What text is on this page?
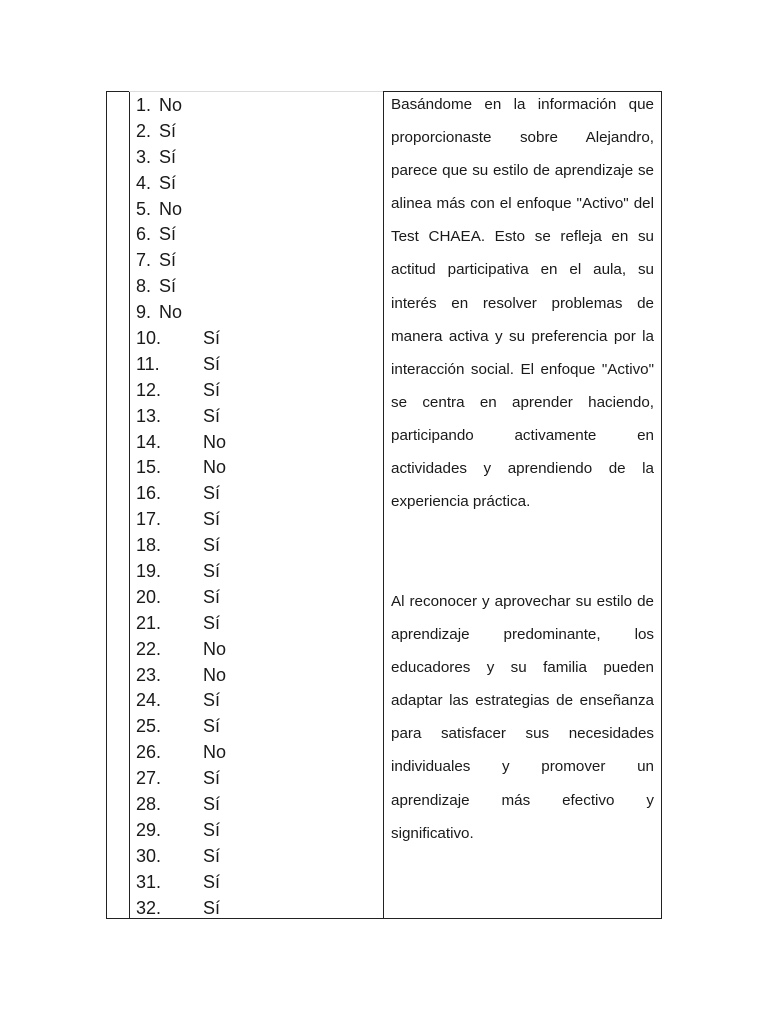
1. No
2. Sí
3. Sí
4. Sí
5. No
6. Sí
7. Sí
8. Sí
9. No
10. Sí
11. Sí
12. Sí
13. Sí
14. No
15. No
16. Sí
17. Sí
18. Sí
19. Sí
20. Sí
21. Sí
22. No
23. No
24. Sí
25. Sí
26. No
27. Sí
28. Sí
29. Sí
30. Sí
31. Sí
32. Sí
Basándome en la información que proporcionaste sobre Alejandro, parece que su estilo de aprendizaje se alinea más con el enfoque "Activo" del Test CHAEA. Esto se refleja en su actitud participativa en el aula, su interés en resolver problemas de manera activa y su preferencia por la interacción social. El enfoque "Activo" se centra en aprender haciendo, participando activamente en actividades y aprendiendo de la experiencia práctica.
Al reconocer y aprovechar su estilo de aprendizaje predominante, los educadores y su familia pueden adaptar las estrategias de enseñanza para satisfacer sus necesidades individuales y promover un aprendizaje más efectivo y significativo.
